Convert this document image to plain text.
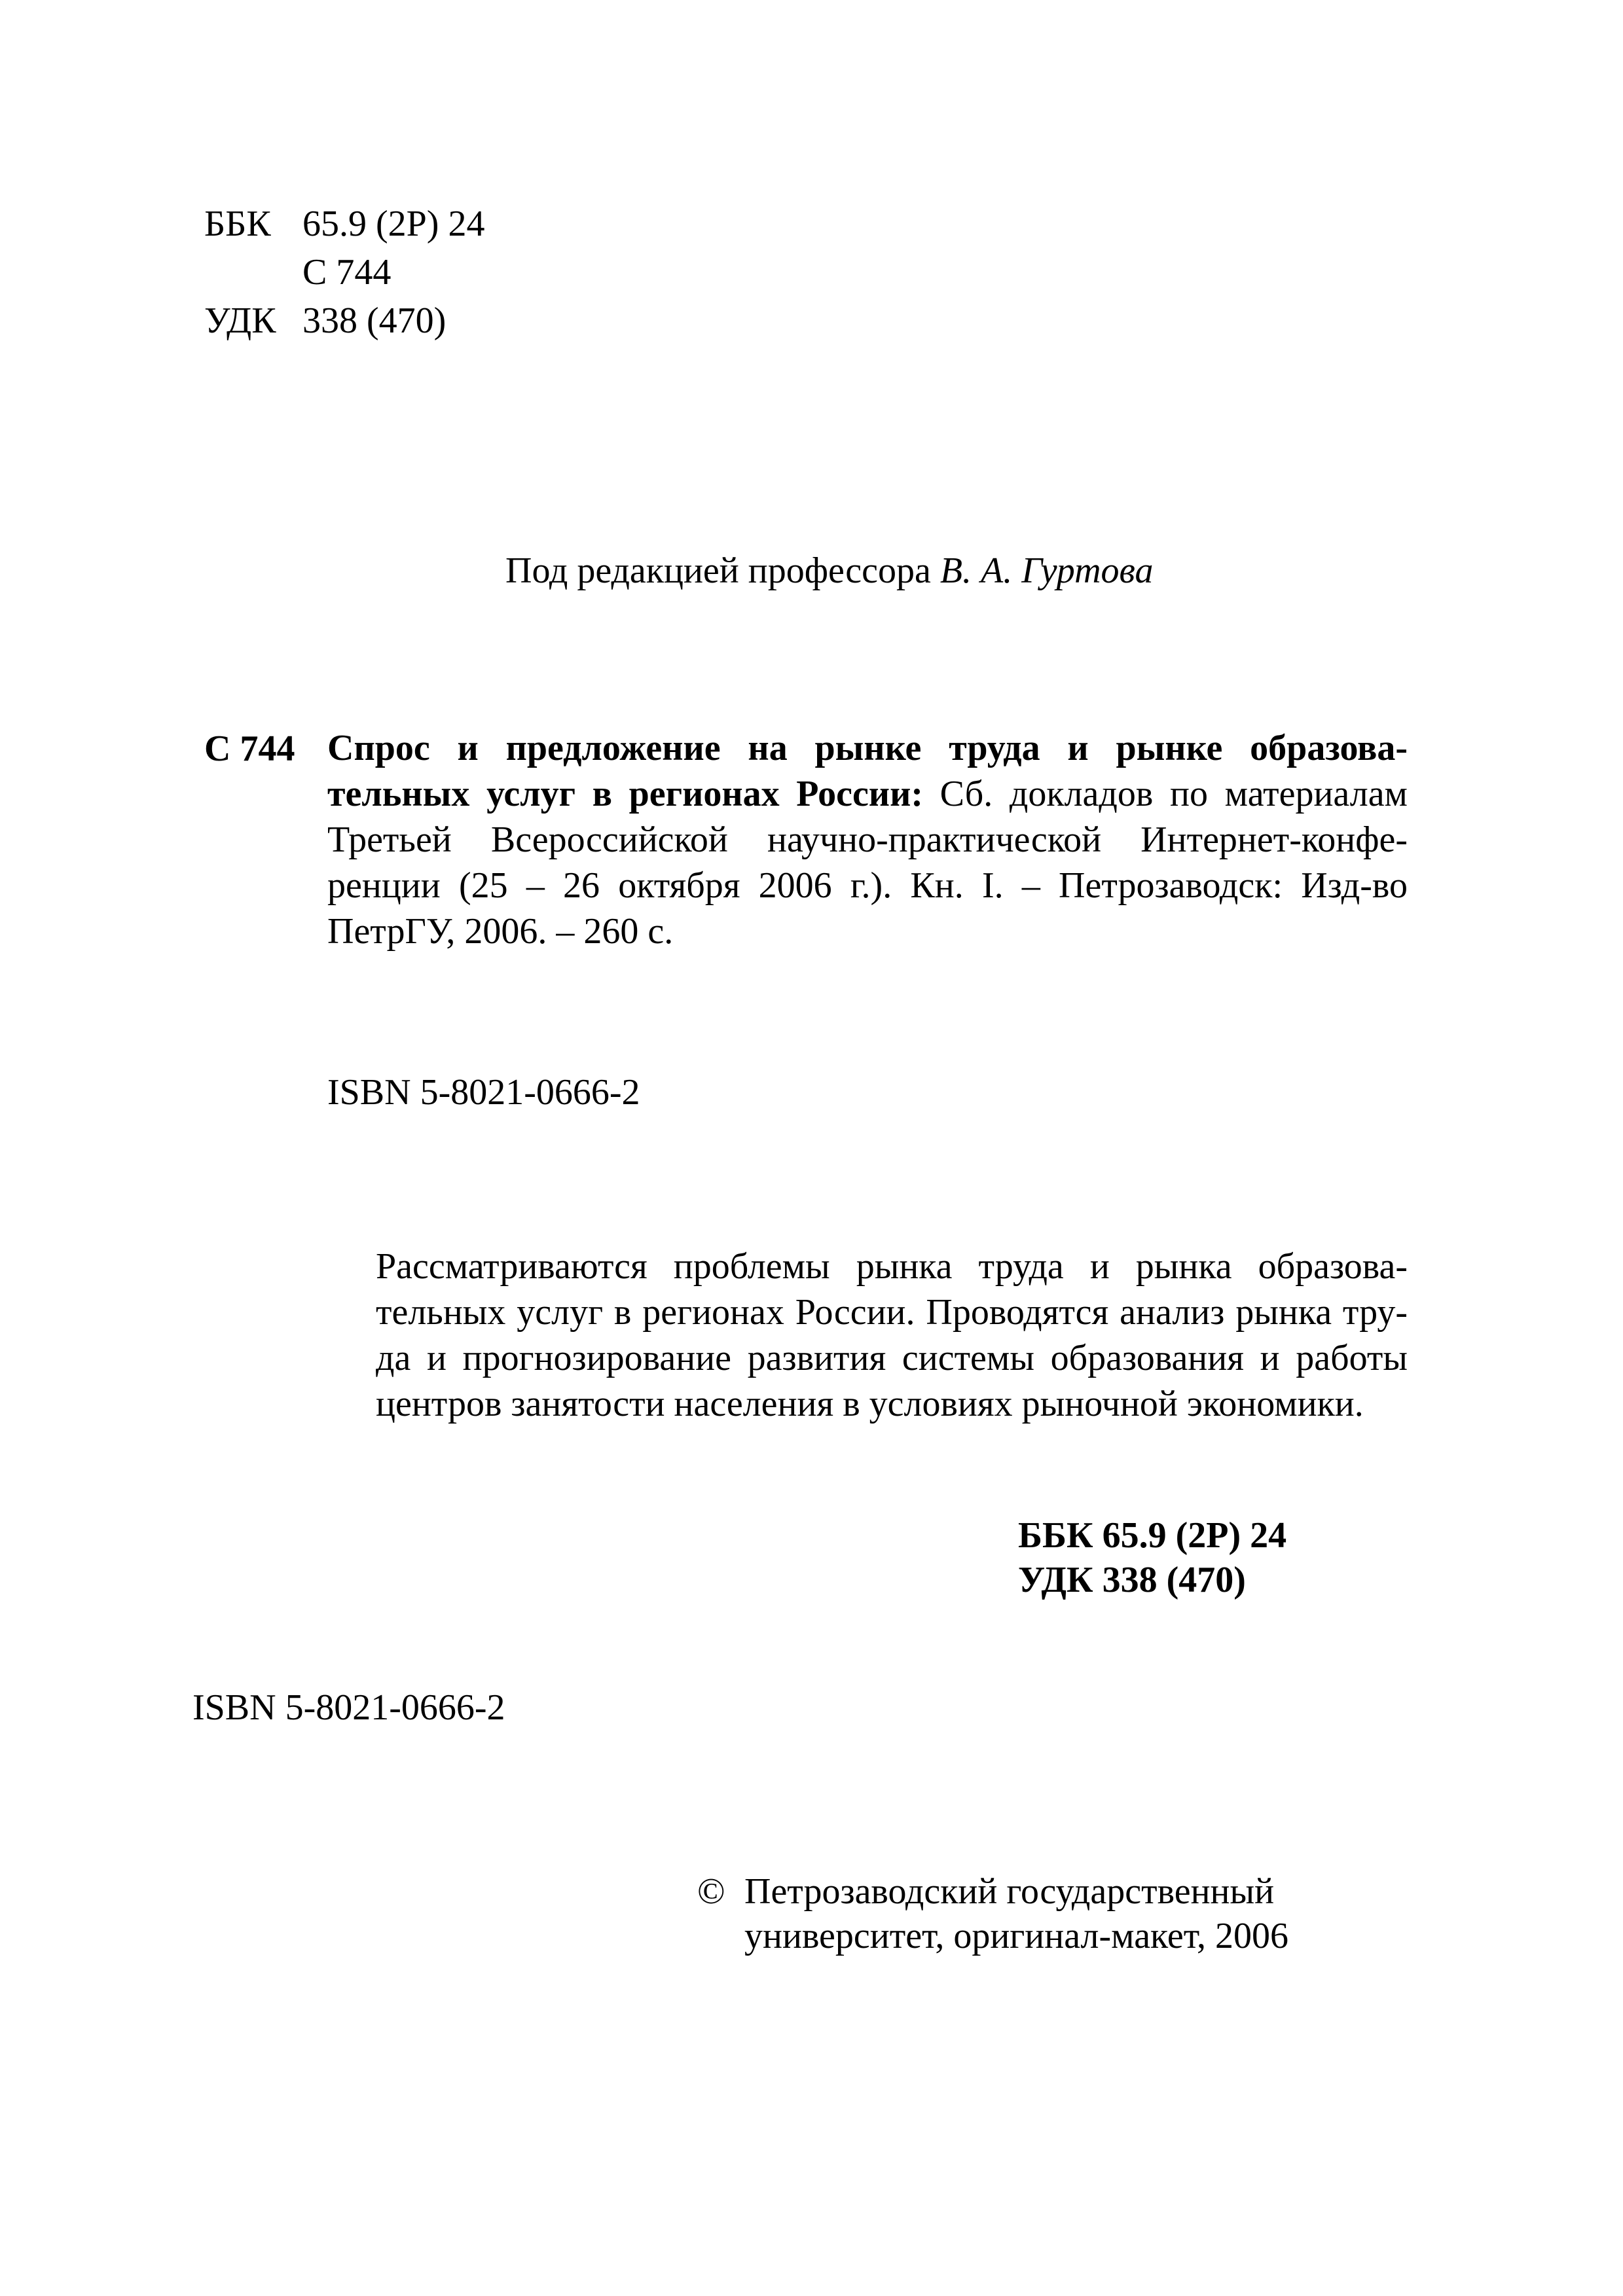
ББК 65.9 (2Р) 24
С 744
УДК 338 (470)
Под редакцией профессора В. А. Гуртова
С 744 Спрос и предложение на рынке труда и рынке образова-
тельных услуг в регионах России: Сб. докладов по материалам
Третьей Всероссийской научно-практической Интернет-конфе-
ренции (25 – 26 октября 2006 г.). Кн. I. – Петрозаводск: Изд-во
ПетрГУ, 2006. – 260 с.
ISBN 5-8021-0666-2
Рассматриваются проблемы рынка труда и рынка образова-
тельных услуг в регионах России. Проводятся анализ рынка тру-
да и прогнозирование развития системы образования и работы
центров занятости населения в условиях рыночной экономики.
ББК 65.9 (2Р) 24
УДК 338 (470)
ISBN 5-8021-0666-2
© Петрозаводский государственный
университет, оригинал-макет, 2006
